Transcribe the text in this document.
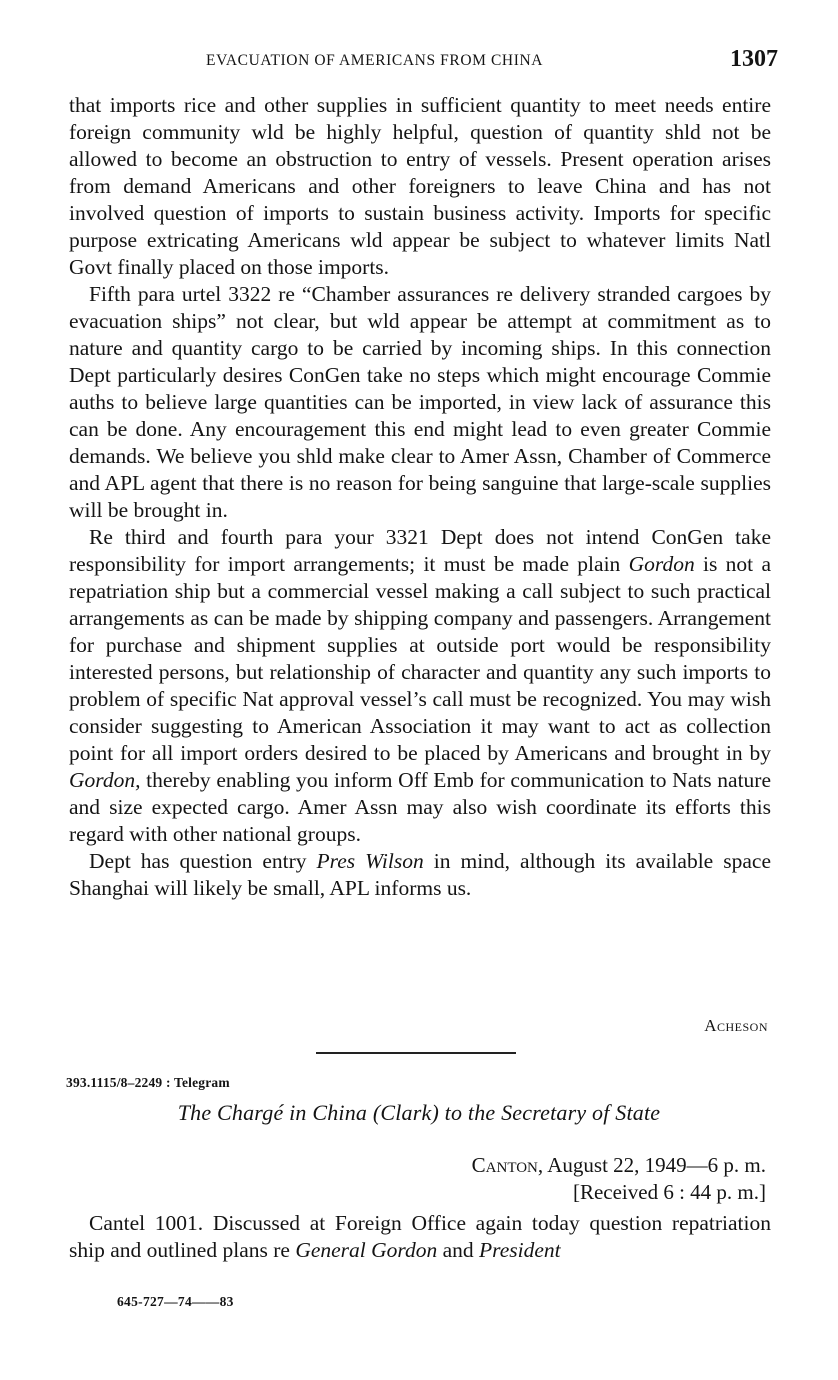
EVACUATION OF AMERICANS FROM CHINA	1307

that imports rice and other supplies in sufficient quantity to meet needs entire foreign community wld be highly helpful, question of quantity shld not be allowed to become an obstruction to entry of vessels. Present operation arises from demand Americans and other foreigners to leave China and has not involved question of imports to sustain business activity. Imports for specific purpose extricating Americans wld appear be subject to whatever limits Natl Govt finally placed on those imports.

Fifth para urtel 3322 re “Chamber assurances re delivery stranded cargoes by evacuation ships” not clear, but wld appear be attempt at commitment as to nature and quantity cargo to be carried by incoming ships. In this connection Dept particularly desires ConGen take no steps which might encourage Commie auths to believe large quantities can be imported, in view lack of assurance this can be done. Any encouragement this end might lead to even greater Commie demands. We believe you shld make clear to Amer Assn, Chamber of Commerce and APL agent that there is no reason for being sanguine that large-scale supplies will be brought in.

Re third and fourth para your 3321 Dept does not intend ConGen take responsibility for import arrangements; it must be made plain Gordon is not a repatriation ship but a commercial vessel making a call subject to such practical arrangements as can be made by shipping company and passengers. Arrangement for purchase and shipment supplies at outside port would be responsibility interested persons, but relationship of character and quantity any such imports to problem of specific Nat approval vessel’s call must be recognized. You may wish consider suggesting to American Association it may want to act as collection point for all import orders desired to be placed by Americans and brought in by Gordon, thereby enabling you inform Off Emb for communication to Nats nature and size expected cargo. Amer Assn may also wish coordinate its efforts this regard with other national groups.

Dept has question entry Pres Wilson in mind, although its available space Shanghai will likely be small, APL informs us.

Acheson
393.1115/8–2249 : Telegram
The Chargé in China (Clark) to the Secretary of State
Canton, August 22, 1949—6 p. m.
[Received 6 : 44 p. m.]

Cantel 1001. Discussed at Foreign Office again today question repatriation ship and outlined plans re General Gordon and President

645-727—74——83
